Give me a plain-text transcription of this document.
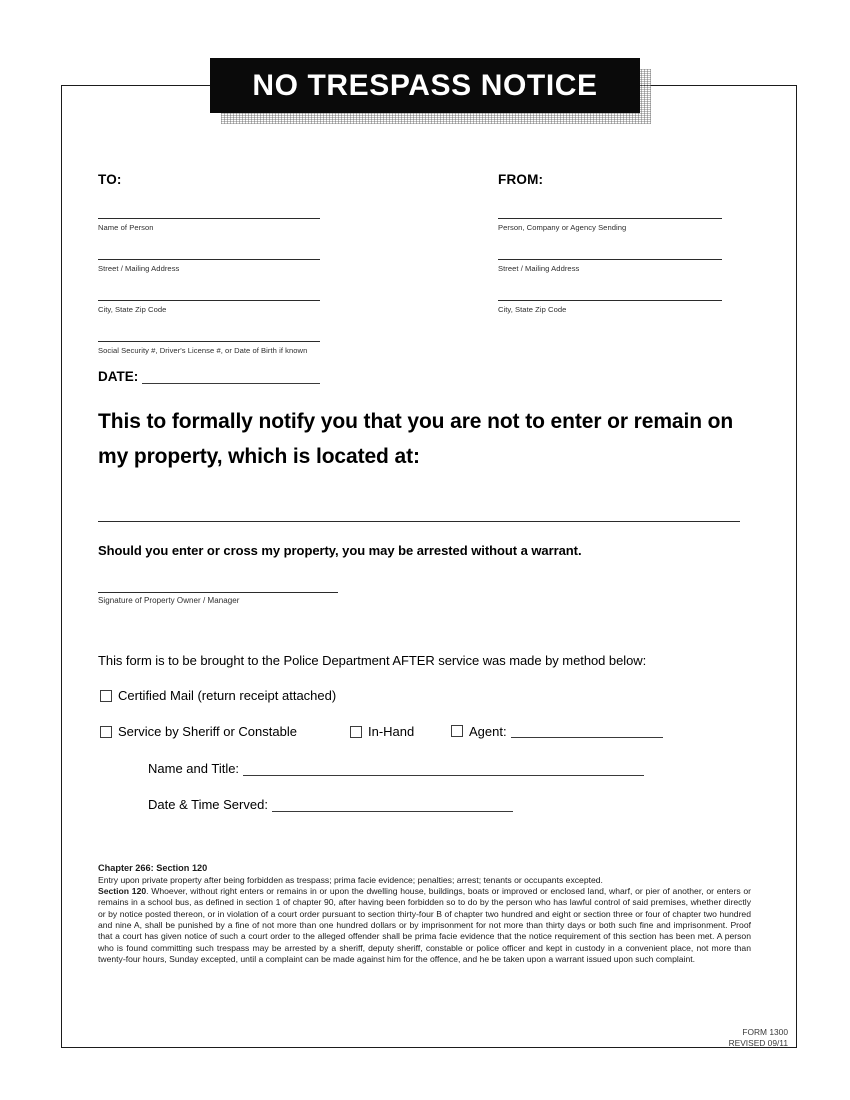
NO TRESPASS NOTICE
TO:
Name of Person
Street / Mailing Address
City, State Zip Code
Social Security #, Driver's License #, or Date of Birth if known
FROM:
Person, Company or Agency Sending
Street / Mailing Address
City, State Zip Code
DATE:
This to formally notify you that you are not to enter or remain on my property, which is located at:
Should you enter or cross my property, you may be arrested without a warrant.
Signature of Property Owner / Manager
This form is to be brought to the Police Department AFTER service was made by method below:
Certified Mail (return receipt attached)
Service by Sheriff or Constable	In-Hand	Agent:
Name and Title:
Date & Time Served:

Chapter 266: Section 120

Entry upon private property after being forbidden as trespass; prima facie evidence; penalties; arrest; tenants or occupants excepted.

Section 120. Whoever, without right enters or remains in or upon the dwelling house, buildings, boats or improved or enclosed land, wharf, or pier of another, or enters or remains in a school bus, as defined in section 1 of chapter 90, after having been forbidden so to do by the person who has lawful control of said premises, whether directly or by notice posted thereon, or in violation of a court order pursuant to section thirty-four B of chapter two hundred and eight or section three or four of chapter two hundred and nine A, shall be punished by a fine of not more than one hundred dollars or by imprisonment for not more than thirty days or both such fine and imprisonment. Proof that a court has given notice of such a court order to the alleged offender shall be prima facie evidence that the notice requirement of this section has been met. A person who is found committing such trespass may be arrested by a sheriff, deputy sheriff, constable or police officer and kept in custody in a convenient place, not more than twenty-four hours, Sunday excepted, until a complaint can be made against him for the offence, and he be taken upon a warrant issued upon such complaint.

FORM 1300
REVISED 09/11
